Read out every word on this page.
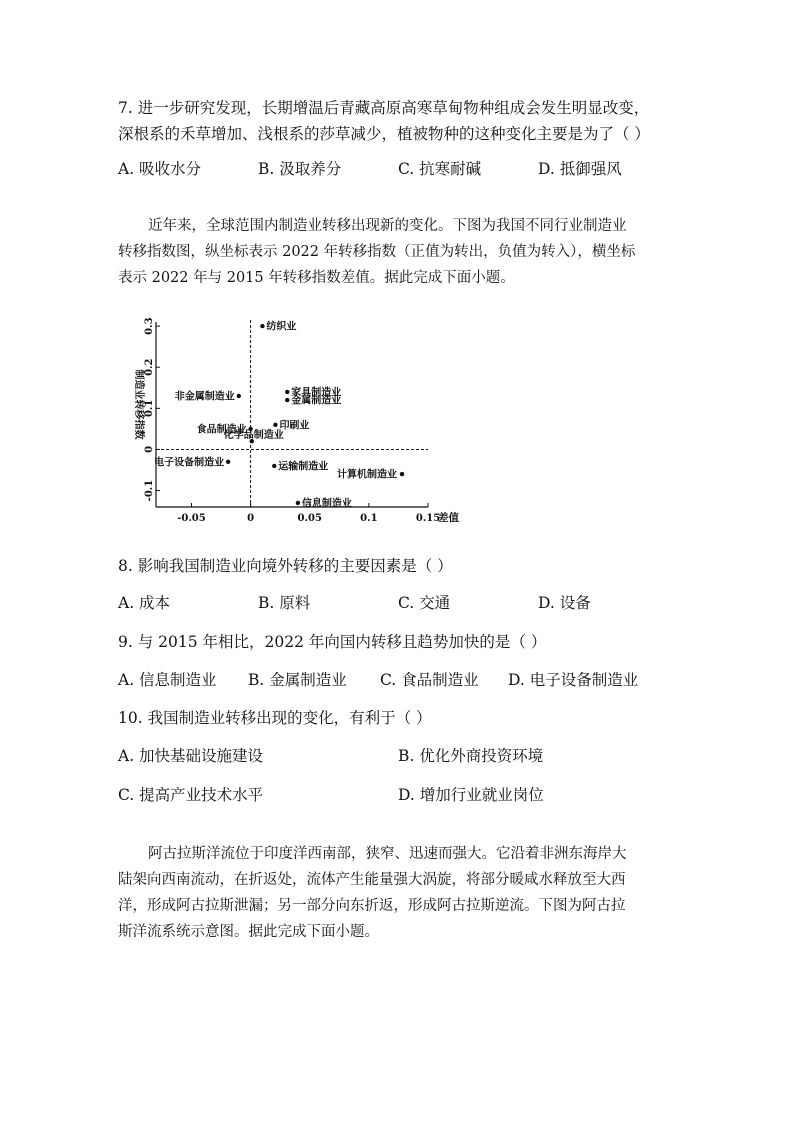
7. 进一步研究发现，长期增温后青藏高原高寒草甸物种组成会发生明显改变，
深根系的禾草增加、浅根系的莎草减少，植被物种的这种变化主要是为了（ ）
A. 吸收水分	B. 汲取养分	C. 抗寒耐碱	D. 抵御强风

近年来，全球范围内制造业转移出现新的变化。下图为我国不同行业制造业

转移指数图，纵坐标表示 2022 年转移指数（正值为转出，负值为转入），横坐标

表示 2022 年与 2015 年转移指数差值。据此完成下面小题。

-0.05	0	0.05	0.1	0.15
-0.1
0
0.1
0.2
0.3	纺织业
非金属制造业	家具制造业
金属制造业
印刷业
食品制造业
化学品制造业
电子设备制造业	运输制造业
计算机制造业
信息制造业
制造业转移指数
差值
8. 影响我国制造业向境外转移的主要因素是（ ）
A. 成本	B. 原料	C. 交通	D. 设备
9. 与 2015 年相比，2022 年向国内转移且趋势加快的是（ ）
A. 信息制造业 B. 金属制造业 C. 食品制造业 D. 电子设备制造业
10. 我国制造业转移出现的变化，有利于（ ）
A. 加快基础设施建设	B. 优化外商投资环境
C. 提高产业技术水平	D. 增加行业就业岗位

阿古拉斯洋流位于印度洋西南部，狭窄、迅速而强大。它沿着非洲东海岸大

陆架向西南流动，在折返处，流体产生能量强大涡旋，将部分暖咸水释放至大西

洋，形成阿古拉斯泄漏；另一部分向东折返，形成阿古拉斯逆流。下图为阿古拉

斯洋流系统示意图。据此完成下面小题。
